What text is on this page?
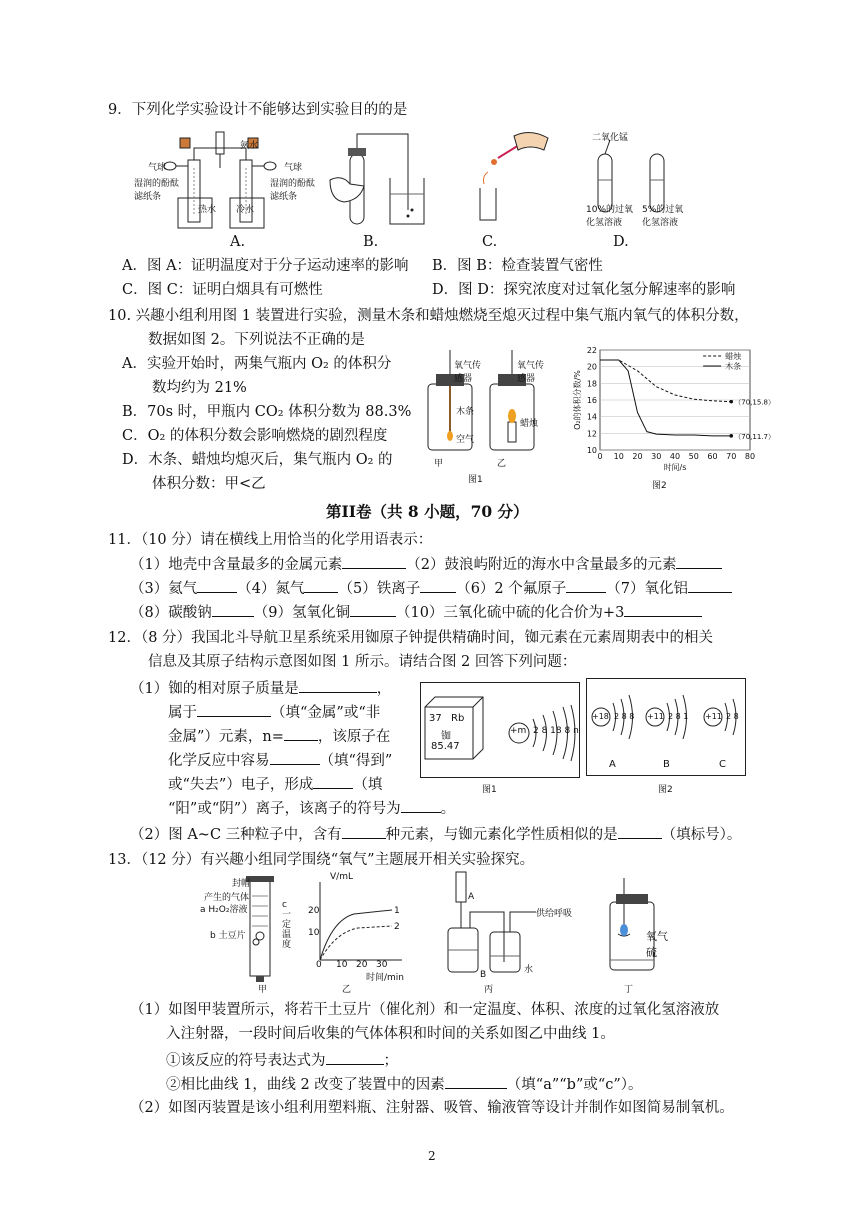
9．下列化学实验设计不能够达到实验目的的是
气球
氨水
气球
湿润的酚酞滤纸条
湿润的酚酞滤纸条
热水 冷水
二氧化锰
10%的过氧化氢溶液
5%的过氧化氢溶液
A.	B.	C.	D.
A．图 A：证明温度对于分子运动速率的影响 B．图 B：检查装置气密性
C．图 C：证明白烟具有可燃性	D．图 D：探究浓度对过氧化氢分解速率的影响
10. 兴趣小组利用图 1 装置进行实验，测量木条和蜡烛燃烧至熄灭过程中集气瓶内氧气的体积分数，
数据如图 2。下列说法不正确的是
A．实验开始时，两集气瓶内 O₂ 的体积分
数均约为 21%
B．70s 时，甲瓶内 CO₂ 体积分数为 88.3%
C．O₂ 的体积分数会影响燃烧的剧烈程度
D．木条、蜡烛均熄灭后，集气瓶内 O₂ 的
体积分数：甲<乙
氧气传感器
氧气传感器
木条
空气
蜡烛
甲	乙
图1
10
12
14
16
18
20
22
0 10 20 30 40 50 60 70 80
时间/s
O₂的体积分数/%
蜡烛
（70,15.8）
木条
（70,11.7）
图2
第II卷（共 8 小题，70 分）
11．（10 分）请在横线上用恰当的化学用语表示：
（1）地壳中含量最多的金属元素	（2）鼓浪屿附近的海水中含量最多的元素
（3）氦气	（4）氮气 （5）铁离子 （6）2 个氟原子	（7）氧化铝
（8）碳酸钠	（9）氢氧化铜	（10）三氧化硫中硫的化合价为+3
12．（8 分）我国北斗导航卫星系统采用铷原子钟提供精确时间，铷元素在元素周期表中的相关
信息及其原子结构示意图如图 1 所示。请结合图 2 回答下列问题：
（1）铷的相对原子质量是	，
属于	（填“金属”或“非
金属”）元素，n= ，该原子在
化学反应中容易	（填“得到”
或“失去”）电子，形成	（填
“阳”或“阴”）离子，该离子的符号为	。
（2）图 A~C 三种粒子中，含有	种元素，与铷元素化学性质相似的是	（填标号）。
37 Rb
铷
85.47
+m 2 8 18 8 n
图1
+18 2 8 8 +11 2 8 1 +11 2 8
A	B	C
图2
13．（12 分）有兴趣小组同学围绕“氧气”主题展开相关实验探究。
封帽
产生的气体
a H₂O₂溶液
b 土豆片
c 一定温度
甲
V/mL
20
10
0 10 20 30
时间/min
1
2
乙
A
B
供给呼吸
水
丙
氧气
硫
丁
（1）如图甲装置所示，将若干土豆片（催化剂）和一定温度、体积、浓度的过氧化氢溶液放
入注射器，一段时间后收集的气体体积和时间的关系如图乙中曲线 1。
①该反应的符号表达式为	；
②相比曲线 1，曲线 2 改变了装置中的因素	（填“a”“b”或“c”）。
（2）如图丙装置是该小组利用塑料瓶、注射器、吸管、输液管等设计并制作如图简易制氧机。
2
